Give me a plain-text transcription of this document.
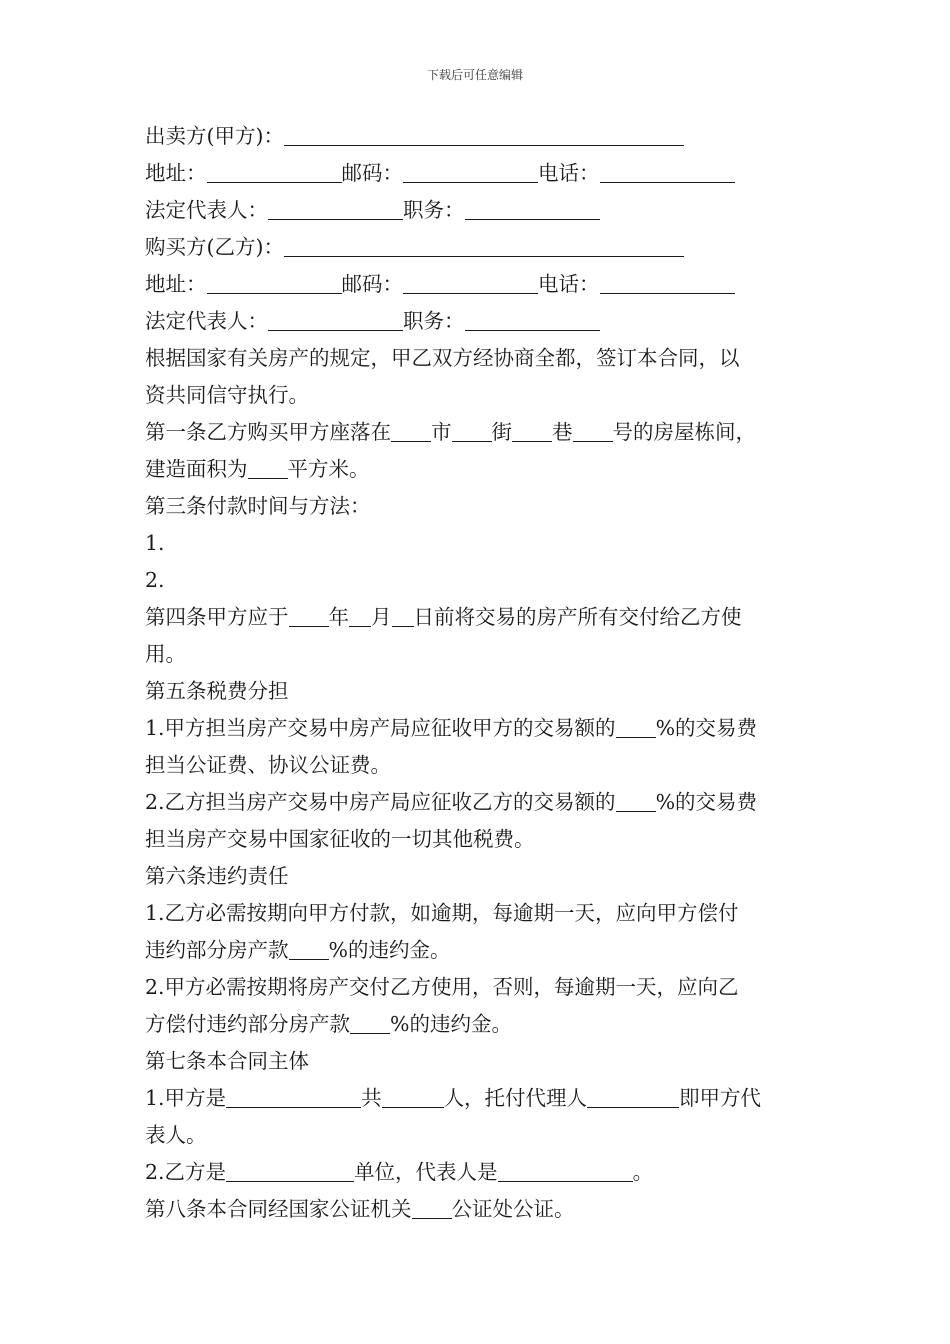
下载后可任意编辑
出卖方(甲方)：
地址：	邮码：	电话：
法定代表人：	职务：
购买方(乙方)：
地址：	邮码：	电话：
法定代表人：	职务：
根据国家有关房产的规定，甲乙双方经协商全都，签订本合同，以
资共同信守执行。
第一条乙方购买甲方座落在 市 街 巷 号的房屋栋间，
建造面积为 平方米。
第三条付款时间与方法：
1.
2.
第四条甲方应于 年 月 日前将交易的房产所有交付给乙方使
用。
第五条税费分担
1.甲方担当房产交易中房产局应征收甲方的交易额的 %的交易费
担当公证费、协议公证费。
2.乙方担当房产交易中房产局应征收乙方的交易额的 %的交易费
担当房产交易中国家征收的一切其他税费。
第六条违约责任
1.乙方必需按期向甲方付款，如逾期，每逾期一天，应向甲方偿付
违约部分房产款 %的违约金。
2.甲方必需按期将房产交付乙方使用，否则，每逾期一天，应向乙
方偿付违约部分房产款 %的违约金。
第七条本合同主体
1.甲方是	共	人，托付代理人	即甲方代
表人。
2.乙方是	单位，代表人是	。
第八条本合同经国家公证机关 公证处公证。
